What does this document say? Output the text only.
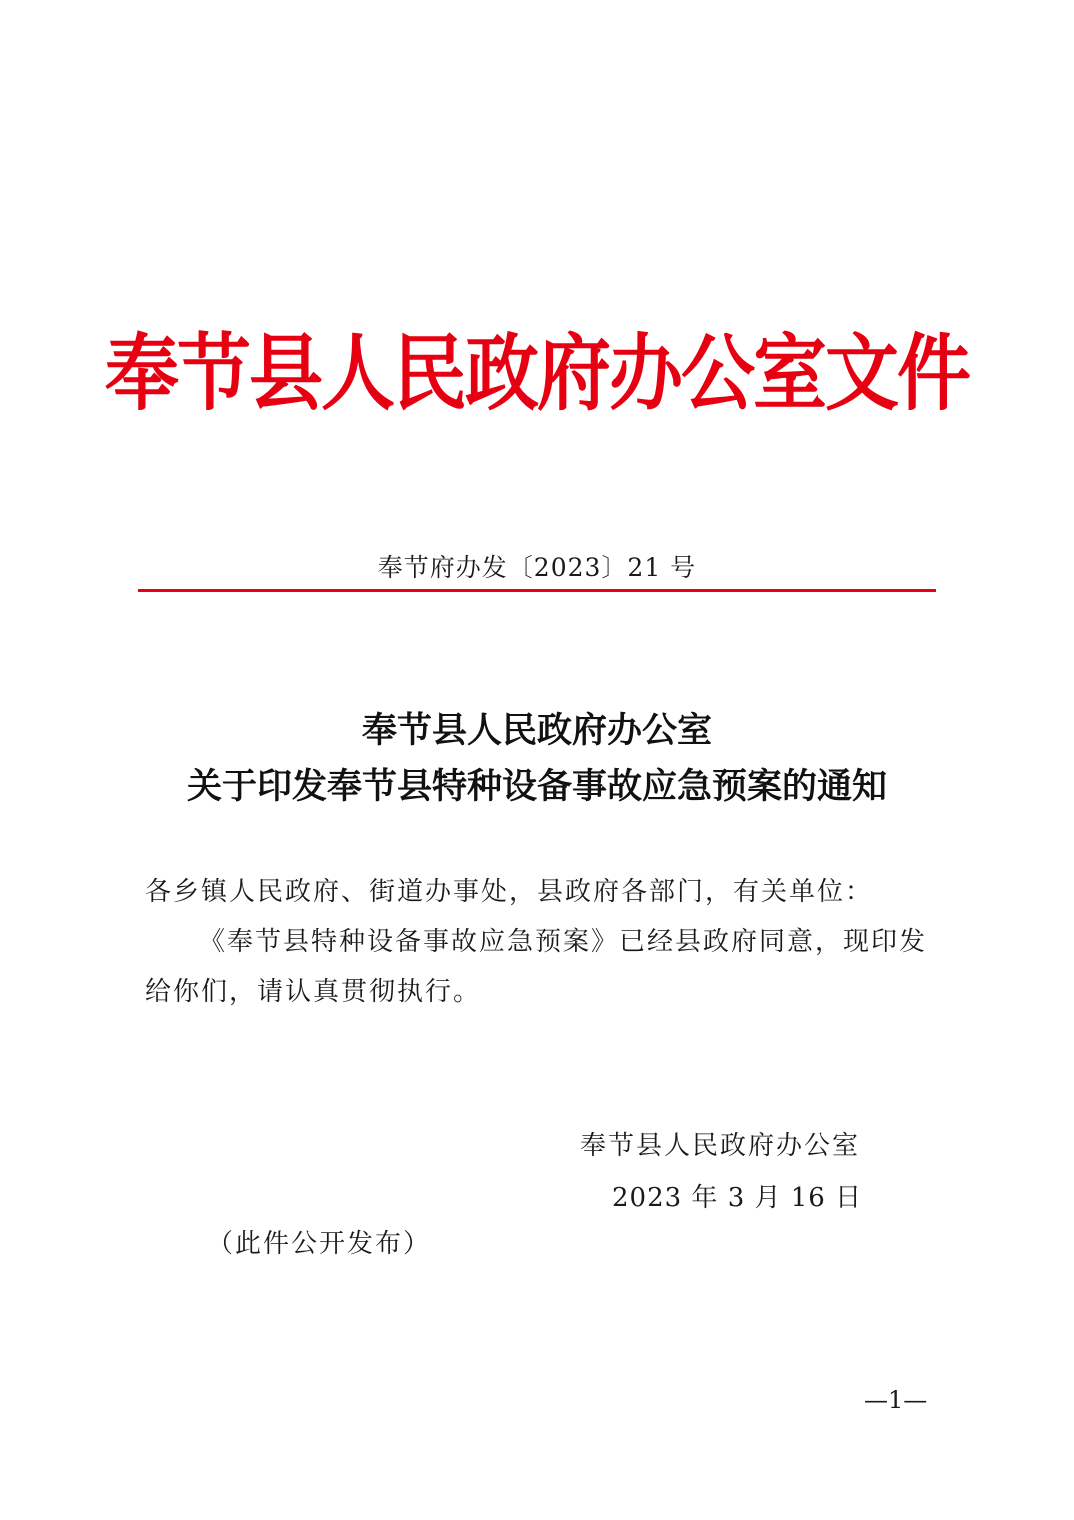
奉节县人民政府办公室文件
奉节府办发〔2023〕21 号
奉节县人民政府办公室
关于印发奉节县特种设备事故应急预案的通知
各乡镇人民政府、街道办事处，县政府各部门，有关单位：
《奉节县特种设备事故应急预案》已经县政府同意，现印发
给你们，请认真贯彻执行。
奉节县人民政府办公室
2023 年 3 月 16 日
（此件公开发布）
—1—
